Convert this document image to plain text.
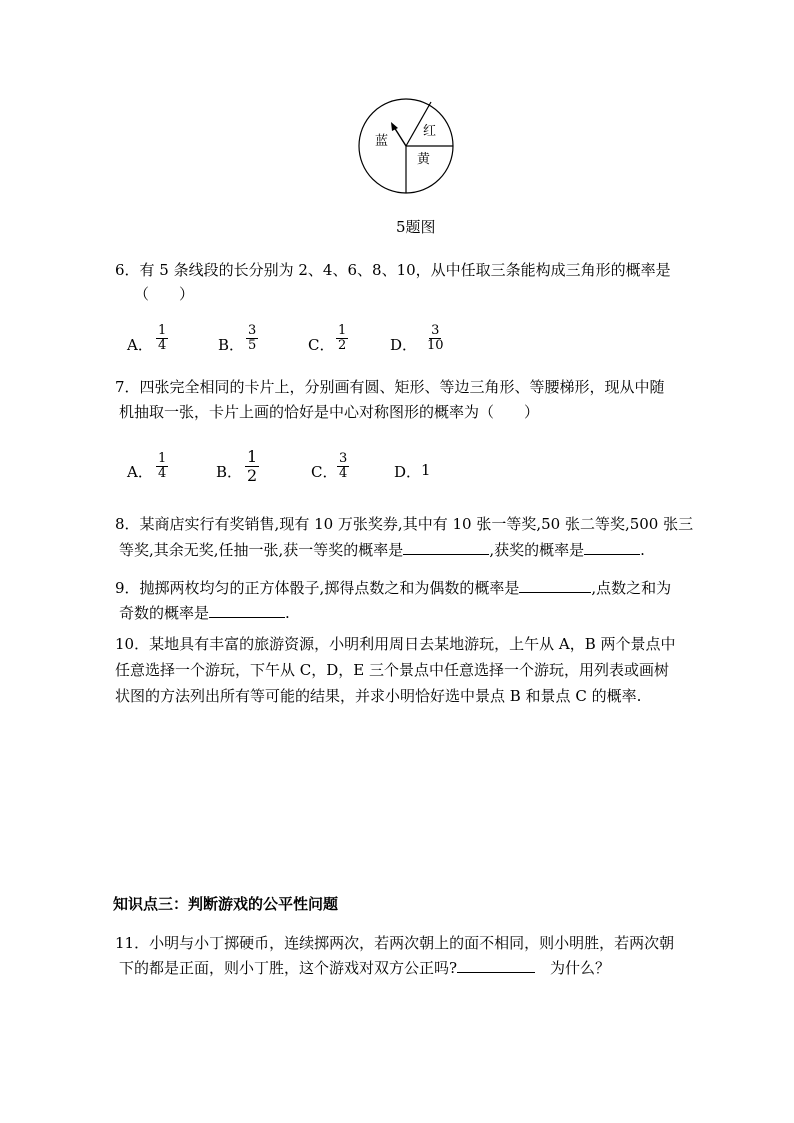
红
蓝
黄
5题图
6．有 5 条线段的长分别为 2、4、6、8、10，从中任取三条能构成三角形的概率是
（　　）
A． $\frac{1}{4}$	B． $\frac{3}{5}$	C． $\frac{1}{2}$	D． $\frac{3}{10}$
7．四张完全相同的卡片上，分别画有圆、矩形、等边三角形、等腰梯形，现从中随
机抽取一张，卡片上画的恰好是中心对称图形的概率为（　　）
A． $\frac{1}{4}$	B． $\frac{1}{2}$	C． $\frac{3}{4}$	D． 1
8．某商店实行有奖销售,现有 10 万张奖券,其中有 10 张一等奖,50 张二等奖,500 张三
等奖,其余无奖,任抽一张,获一等奖的概率是	,获奖的概率是	.
9．抛掷两枚均匀的正方体骰子,掷得点数之和为偶数的概率是	,点数之和为
奇数的概率是	.
10．某地具有丰富的旅游资源，小明利用周日去某地游玩，上午从 A，B 两个景点中
任意选择一个游玩，下午从 C，D，E 三个景点中任意选择一个游玩，用列表或画树
状图的方法列出所有等可能的结果，并求小明恰好选中景点 B 和景点 C 的概率.
知识点三：判断游戏的公平性问题
11．小明与小丁掷硬币，连续掷两次，若两次朝上的面不相同，则小明胜，若两次朝
下的都是正面，则小丁胜，这个游戏对双方公正吗?	　为什么？
